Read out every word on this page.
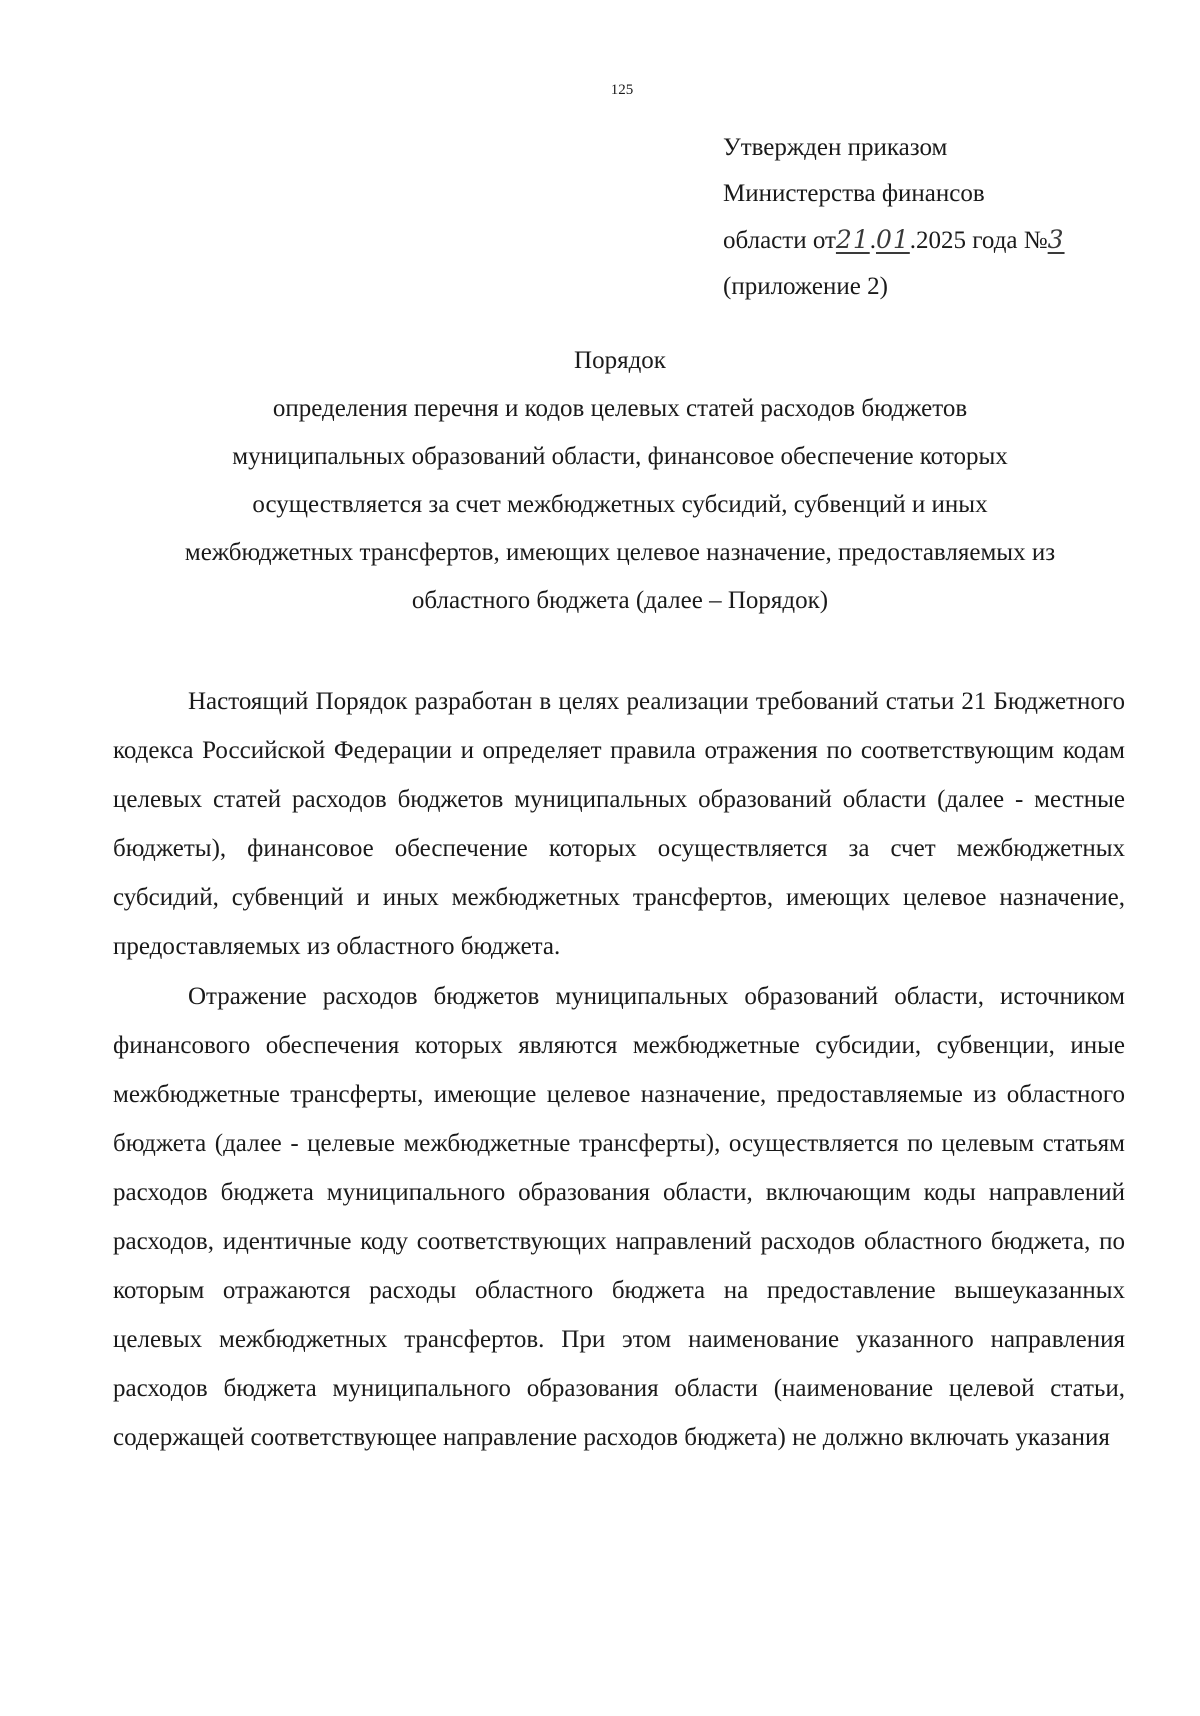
125
Утвержден приказом
Министерства финансов
области от21.01.2025 года №3
(приложение 2)
Порядок
определения перечня и кодов целевых статей расходов бюджетов
муниципальных образований области, финансовое обеспечение которых
осуществляется за счет межбюджетных субсидий, субвенций и иных
межбюджетных трансфертов, имеющих целевое назначение, предоставляемых из
областного бюджета (далее – Порядок)

Настоящий Порядок разработан в целях реализации требований статьи 21 Бюджетного кодекса Российской Федерации и определяет правила отражения по соответствующим кодам целевых статей расходов бюджетов муниципальных образований области (далее - местные бюджеты), финансовое обеспечение которых осуществляется за счет межбюджетных субсидий, субвенций и иных межбюджетных трансфертов, имеющих целевое назначение, предоставляемых из областного бюджета.

Отражение расходов бюджетов муниципальных образований области, источником финансового обеспечения которых являются межбюджетные субсидии, субвенции, иные межбюджетные трансферты, имеющие целевое назначение, предоставляемые из областного бюджета (далее - целевые межбюджетные трансферты), осуществляется по целевым статьям расходов бюджета муниципального образования области, включающим коды направлений расходов, идентичные коду соответствующих направлений расходов областного бюджета, по которым отражаются расходы областного бюджета на предоставление вышеуказанных целевых межбюджетных трансфертов. При этом наименование указанного направления расходов бюджета муниципального образования области (наименование целевой статьи, содержащей соответствующее направление расходов бюджета) не должно включать указания
